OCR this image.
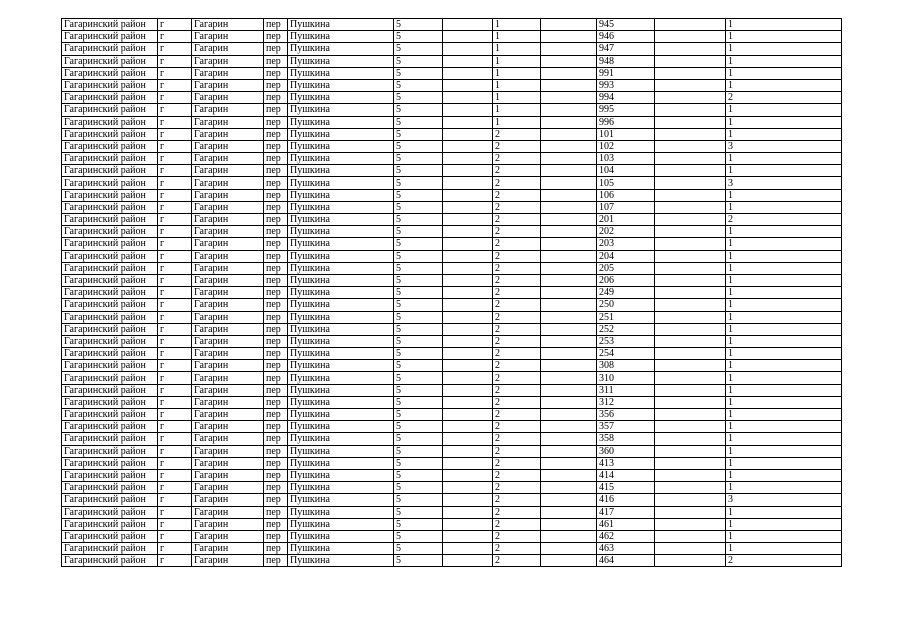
Гагаринский район	г	Гагарин	пер	Пушкина	5		1		945		1
Гагаринский район	г	Гагарин	пер	Пушкина	5		1		946		1
Гагаринский район	г	Гагарин	пер	Пушкина	5		1		947		1
Гагаринский район	г	Гагарин	пер	Пушкина	5		1		948		1
Гагаринский район	г	Гагарин	пер	Пушкина	5		1		991		1
Гагаринский район	г	Гагарин	пер	Пушкина	5		1		993		1
Гагаринский район	г	Гагарин	пер	Пушкина	5		1		994		2
Гагаринский район	г	Гагарин	пер	Пушкина	5		1		995		1
Гагаринский район	г	Гагарин	пер	Пушкина	5		1		996		1
Гагаринский район	г	Гагарин	пер	Пушкина	5		2		101		1
Гагаринский район	г	Гагарин	пер	Пушкина	5		2		102		3
Гагаринский район	г	Гагарин	пер	Пушкина	5		2		103		1
Гагаринский район	г	Гагарин	пер	Пушкина	5		2		104		1
Гагаринский район	г	Гагарин	пер	Пушкина	5		2		105		3
Гагаринский район	г	Гагарин	пер	Пушкина	5		2		106		1
Гагаринский район	г	Гагарин	пер	Пушкина	5		2		107		1
Гагаринский район	г	Гагарин	пер	Пушкина	5		2		201		2
Гагаринский район	г	Гагарин	пер	Пушкина	5		2		202		1
Гагаринский район	г	Гагарин	пер	Пушкина	5		2		203		1
Гагаринский район	г	Гагарин	пер	Пушкина	5		2		204		1
Гагаринский район	г	Гагарин	пер	Пушкина	5		2		205		1
Гагаринский район	г	Гагарин	пер	Пушкина	5		2		206		1
Гагаринский район	г	Гагарин	пер	Пушкина	5		2		249		1
Гагаринский район	г	Гагарин	пер	Пушкина	5		2		250		1
Гагаринский район	г	Гагарин	пер	Пушкина	5		2		251		1
Гагаринский район	г	Гагарин	пер	Пушкина	5		2		252		1
Гагаринский район	г	Гагарин	пер	Пушкина	5		2		253		1
Гагаринский район	г	Гагарин	пер	Пушкина	5		2		254		1
Гагаринский район	г	Гагарин	пер	Пушкина	5		2		308		1
Гагаринский район	г	Гагарин	пер	Пушкина	5		2		310		1
Гагаринский район	г	Гагарин	пер	Пушкина	5		2		311		1
Гагаринский район	г	Гагарин	пер	Пушкина	5		2		312		1
Гагаринский район	г	Гагарин	пер	Пушкина	5		2		356		1
Гагаринский район	г	Гагарин	пер	Пушкина	5		2		357		1
Гагаринский район	г	Гагарин	пер	Пушкина	5		2		358		1
Гагаринский район	г	Гагарин	пер	Пушкина	5		2		360		1
Гагаринский район	г	Гагарин	пер	Пушкина	5		2		413		1
Гагаринский район	г	Гагарин	пер	Пушкина	5		2		414		1
Гагаринский район	г	Гагарин	пер	Пушкина	5		2		415		1
Гагаринский район	г	Гагарин	пер	Пушкина	5		2		416		3
Гагаринский район	г	Гагарин	пер	Пушкина	5		2		417		1
Гагаринский район	г	Гагарин	пер	Пушкина	5		2		461		1
Гагаринский район	г	Гагарин	пер	Пушкина	5		2		462		1
Гагаринский район	г	Гагарин	пер	Пушкина	5		2		463		1
Гагаринский район	г	Гагарин	пер	Пушкина	5		2		464		2
